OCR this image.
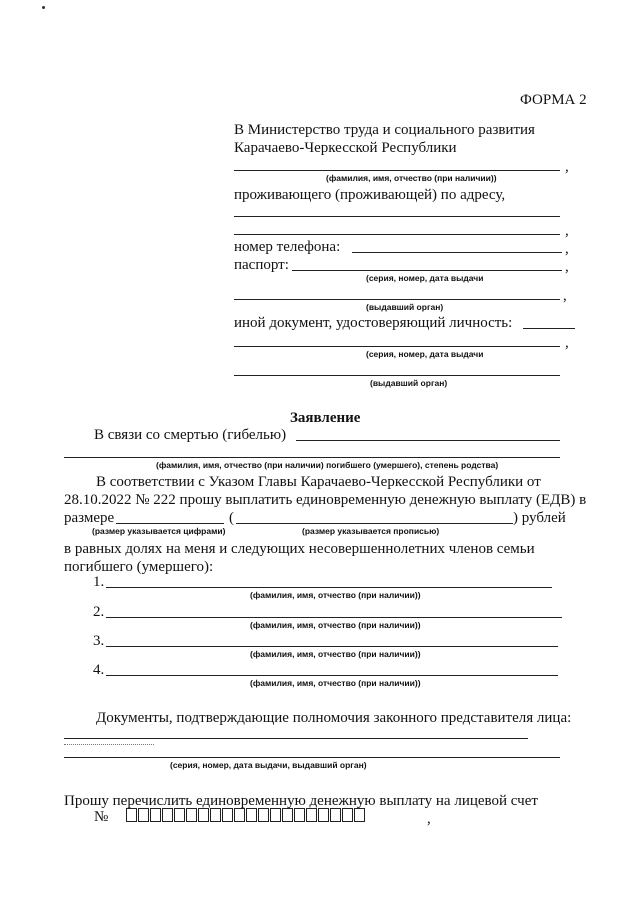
ФОРМА 2
В Министерство труда и социального развития
Карачаево-Черкесской Республики
,
(фамилия, имя, отчество (при наличии))
проживающего (проживающей) по адресу,
,
номер телефона:	,
паспорт:	,
(серия, номер, дата выдачи
,
(выдавший орган)
иной документ, удостоверяющий личность:
,
(серия, номер, дата выдачи
(выдавший орган)
Заявление
В связи со смертью (гибелью)
(фамилия, имя, отчество (при наличии) погибшего (умершего), степень родства)
В соответствии с Указом Главы Карачаево-Черкесской Республики от
28.10.2022 № 222 прошу выплатить единовременную денежную выплату (ЕДВ) в
размере	(	) рублей
(размер указывается цифрами)	(размер указывается прописью)
в равных долях на меня и следующих несовершеннолетних членов семьи
погибшего (умершего):
1.
(фамилия, имя, отчество (при наличии))
2.
(фамилия, имя, отчество (при наличии))
3.
(фамилия, имя, отчество (при наличии))
4.
(фамилия, имя, отчество (при наличии))
Документы, подтверждающие полномочия законного представителя лица:
(серия, номер, дата выдачи, выдавший орган)
Прошу перечислить единовременную денежную выплату на лицевой счет
№	,
